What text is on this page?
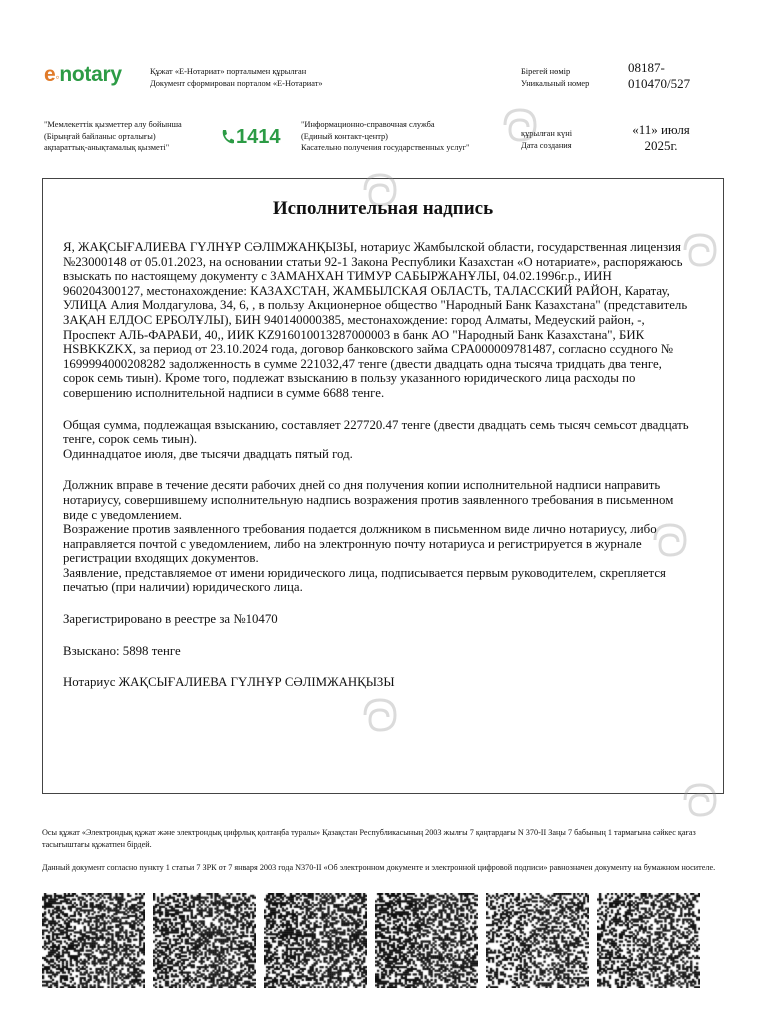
e◦notary	Құжат «Е-Нотариат» порталымен құрылған
Документ сформирован порталом «Е-Нотариат»
Бірегей нөмір
Уникальный номер
08187-
010470/527
"Мемлекеттік қызметтер алу бойынша
(Бірыңғай байланыс орталығы)
ақпараттық-анықтамалық қызметі"	1414
"Информационно-справочная служба
(Единый контакт-центр)
Касательно получения государственных услуг"
құрылған күні
Дата создания
«11» июля
2025г.
Исполнительная надпись

Я, ЖАҚСЫҒАЛИЕВА ГҮЛНҰР СӘЛІМЖАНҚЫЗЫ, нотариус Жамбылской области, государственная лицензия №23000148 от 05.01.2023, на основании статьи 92-1 Закона Республики Казахстан «О нотариате», распоряжаюсь взыскать по настоящему документу с ЗАМАНХАН ТИМУР САБЫРЖАНҰЛЫ, 04.02.1996г.р., ИИН 960204300127, местонахождение: КАЗАХСТАН, ЖАМБЫЛСКАЯ ОБЛАСТЬ, ТАЛАССКИЙ РАЙОН, Каратау, УЛИЦА Алия Молдагулова, 34, 6, , в пользу Акционерное общество "Народный Банк Казахстана" (представитель ЗАҚАН ЕЛДОС ЕРБОЛҰЛЫ), БИН 940140000385, местонахождение: город Алматы, Медеуский район, -, Проспект АЛЬ-ФАРАБИ, 40,, ИИК KZ916010013287000003 в банк АО "Народный Банк Казахстана", БИК HSBKKZKX, за период от 23.10.2024 года, договор банковского займа CPA000009781487, согласно ссудного № 1699994000208282 задолженность в сумме 221032,47 тенге (двести двадцать одна тысяча тридцать два тенге, сорок семь тиын). Кроме того, подлежат взысканию в пользу указанного юридического лица расходы по совершению исполнительной надписи в сумме 6688 тенге.

Общая сумма, подлежащая взысканию, составляет 227720.47 тенге (двести двадцать семь тысяч семьсот двадцать тенге, сорок семь тиын).
Одиннадцатое июля, две тысячи двадцать пятый год.

Должник вправе в течение десяти рабочих дней со дня получения копии исполнительной надписи направить нотариусу, совершившему исполнительную надпись возражения против заявленного требования в письменном виде с уведомлением.
Возражение против заявленного требования подается должником в письменном виде лично нотариусу, либо направляется почтой с уведомлением, либо на электронную почту нотариуса и регистрируется в журнале регистрации входящих документов.
Заявление, представляемое от имени юридического лица, подписывается первым руководителем, скрепляется печатью (при наличии) юридического лица.

Зарегистрировано в реестре за №10470

Взыскано: 5898 тенге

Нотариус ЖАҚСЫҒАЛИЕВА ГҮЛНҰР СӘЛІМЖАНҚЫЗЫ

Осы құжат «Электрондық құжат және электрондық цифрлық қолтаңба туралы» Қазақстан Республикасының 2003 жылғы 7 қаңтардағы N 370-II Заңы 7 бабының 1 тармағына сәйкес қағаз тасығыштағы құжатпен бірдей.
Данный документ согласно пункту 1 статьи 7 ЗРК от 7 января 2003 года N370-II «Об электронном документе и электронной цифровой подписи» равнозначен документу на бумажном носителе.
